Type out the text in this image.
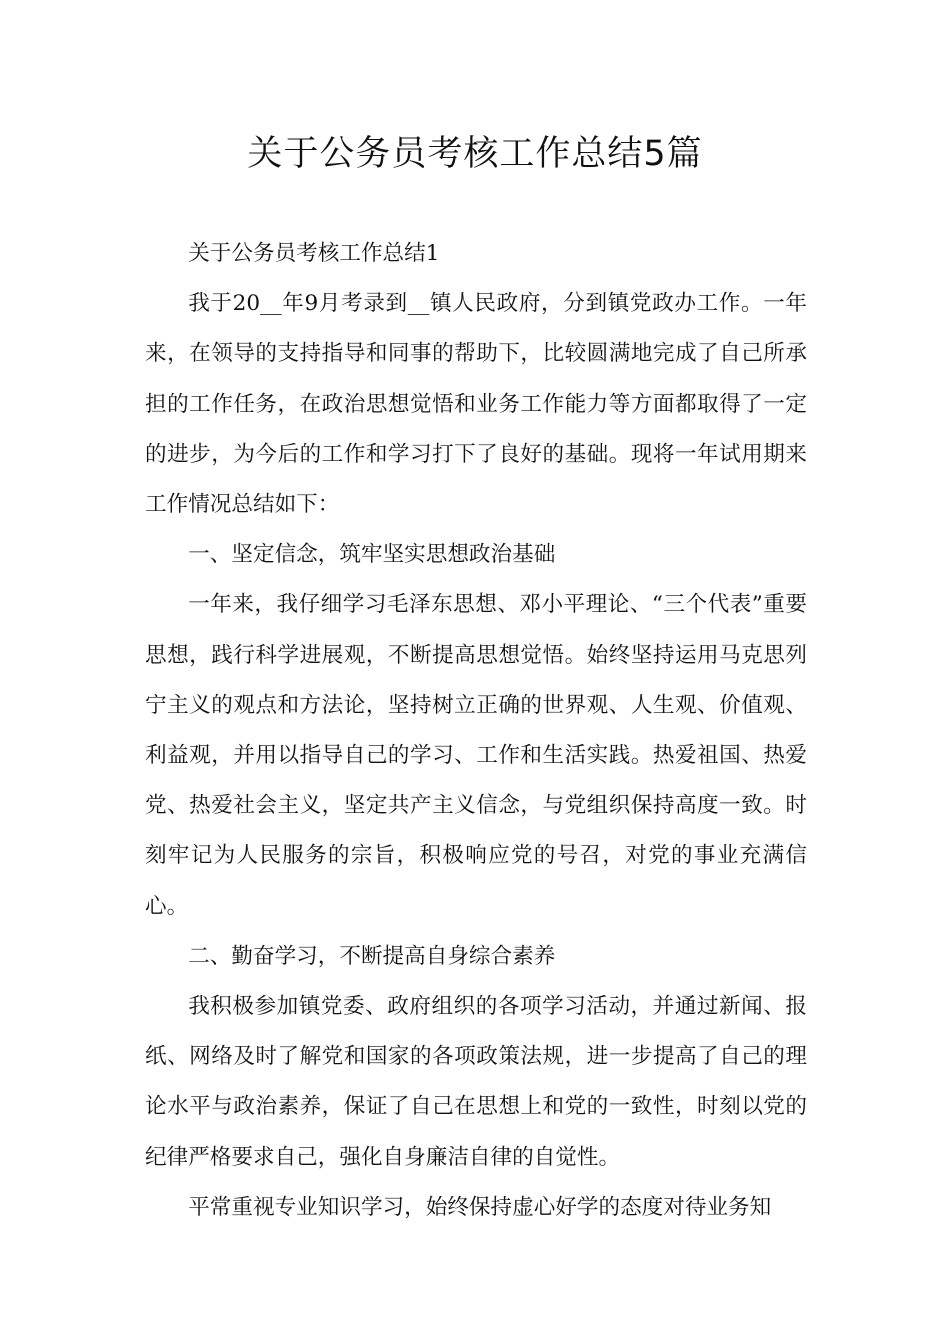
关于公务员考核工作总结5篇

关于公务员考核工作总结1

我于20__年9月考录到__镇人民政府，分到镇党政办工作。一年来，在领导的支持指导和同事的帮助下，比较圆满地完成了自己所承担的工作任务，在政治思想觉悟和业务工作能力等方面都取得了一定的进步，为今后的工作和学习打下了良好的基础。现将一年试用期来工作情况总结如下：

一、坚定信念，筑牢坚实思想政治基础

一年来，我仔细学习毛泽东思想、邓小平理论、“三个代表”重要思想，践行科学进展观，不断提高思想觉悟。始终坚持运用马克思列宁主义的观点和方法论，坚持树立正确的世界观、人生观、价值观、利益观，并用以指导自己的学习、工作和生活实践。热爱祖国、热爱党、热爱社会主义，坚定共产主义信念，与党组织保持高度一致。时刻牢记为人民服务的宗旨，积极响应党的号召，对党的事业充满信心。

二、勤奋学习，不断提高自身综合素养

我积极参加镇党委、政府组织的各项学习活动，并通过新闻、报纸、网络及时了解党和国家的各项政策法规，进一步提高了自己的理论水平与政治素养，保证了自己在思想上和党的一致性，时刻以党的纪律严格要求自己，强化自身廉洁自律的自觉性。

平常重视专业知识学习，始终保持虚心好学的态度对待业务知
